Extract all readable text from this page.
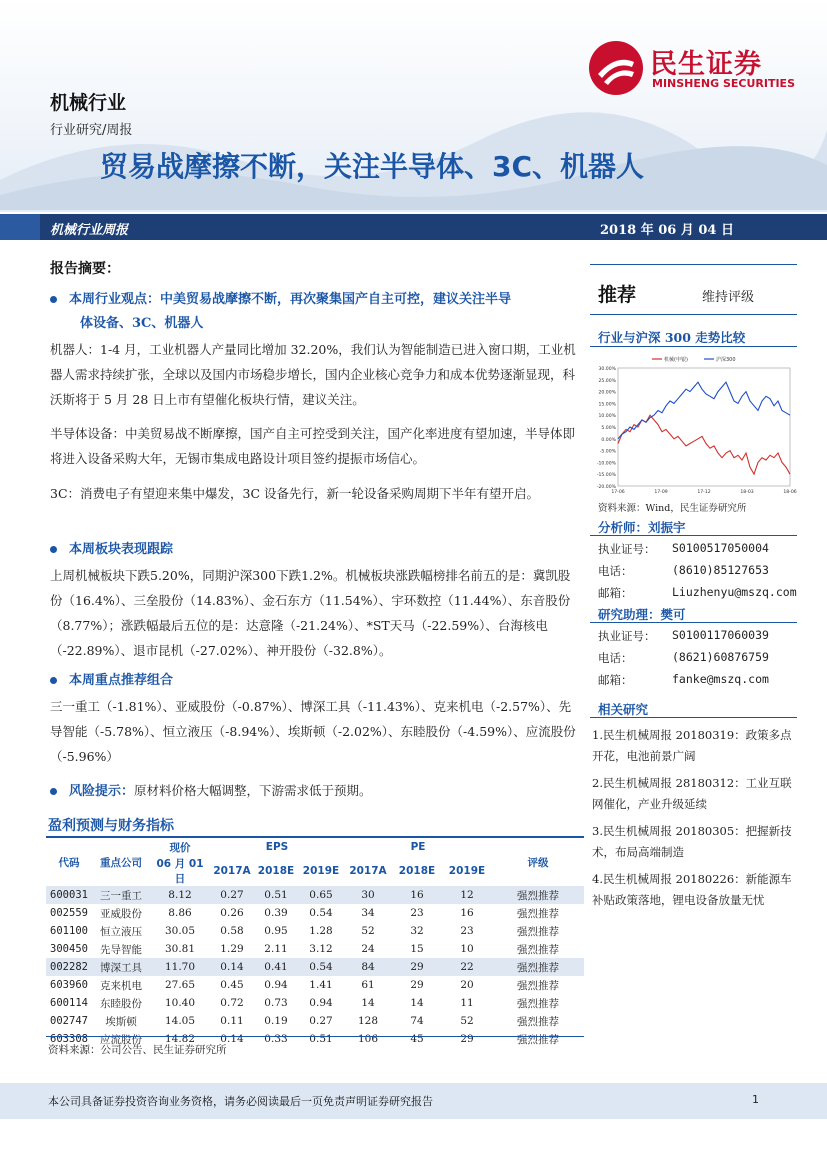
民生证券
MINSHENG SECURITIES
机械行业
行业研究/周报
贸易战摩擦不断，关注半导体、3C、机器人
机械行业周报	2018 年 06 月 04 日
报告摘要：
本周行业观点：中美贸易战摩擦不断，再次聚集国产自主可控，建议关注半导
体设备、3C、机器人
机器人：1-4 月，工业机器人产量同比增加 32.20%，我们认为智能制造已进入窗口期，工业机器人需求持续扩张，全球以及国内市场稳步增长，国内企业核心竞争力和成本优势逐渐显现，科沃斯将于 5 月 28 日上市有望催化板块行情，建议关注。
半导体设备：中美贸易战不断摩擦，国产自主可控受到关注，国产化率进度有望加速，半导体即将进入设备采购大年，无锡市集成电路设计项目签约提振市场信心。
3C：消费电子有望迎来集中爆发，3C 设备先行，新一轮设备采购周期下半年有望开启。
本周板块表现跟踪
上周机械板块下跌5.20%，同期沪深300下跌1.2%。机械板块涨跌幅榜排名前五的是：冀凯股份（16.4%）、三垒股份（14.83%）、金石东方（11.54%）、宇环数控（11.44%）、东音股份（8.77%）；涨跌幅最后五位的是：达意隆（-21.24%）、*ST天马（-22.59%）、台海核电（-22.89%）、退市昆机（-27.02%）、神开股份（-32.8%）。
本周重点推荐组合
三一重工（-1.81%）、亚威股份（-0.87%）、博深工具（-11.43%）、克来机电（-2.57%）、先导智能（-5.78%）、恒立液压（-8.94%）、埃斯顿（-2.02%）、东睦股份（-4.59%）、应流股份（-5.96%）
风险提示：原材料价格大幅调整，下游需求低于预期。
盈利预测与财务指标
代码	重点公司	现价	EPS			PE			评级
		06 月 01 日	2017A	2018E	2019E	2017A	2018E	2019E	
600031	三一重工	8.12	0.27	0.51	0.65	30	16	12	强烈推荐
002559	亚威股份	8.86	0.26	0.39	0.54	34	23	16	强烈推荐
601100	恒立液压	30.05	0.58	0.95	1.28	52	32	23	强烈推荐
300450	先导智能	30.81	1.29	2.11	3.12	24	15	10	强烈推荐
002282	博深工具	11.70	0.14	0.41	0.54	84	29	22	强烈推荐
603960	克来机电	27.65	0.45	0.94	1.41	61	29	20	强烈推荐
600114	东睦股份	10.40	0.72	0.73	0.94	14	14	11	强烈推荐
002747	埃斯顿	14.05	0.11	0.19	0.27	128	74	52	强烈推荐
603308	应流股份	14.82	0.14	0.33	0.51	106	45	29	强烈推荐
资料来源：公司公告、民生证券研究所
推荐	维持评级
行业与沪深 300 走势比较
30.00%
25.00%
20.00%
15.00%
10.00%
5.00%
0.00%
-5.00%
-10.00%
-15.00%
-20.00%
17-06	17-09	17-12	18-03	18-06
机械(申银)	沪深300
资料来源：Wind，民生证券研究所
分析师：刘振宇
执业证号： S0100517050004
电话：	(8610)85127653
邮箱：	Liuzhenyu@mszq.com
研究助理：樊可
执业证号： S0100117060039
电话：	(8621)60876759
邮箱：	fanke@mszq.com
相关研究
1.民生机械周报 20180319：政策多点开花，电池前景广阔
2.民生机械周报 28180312：工业互联网催化，产业升级延续
3.民生机械周报 20180305：把握新技术，布局高端制造
4.民生机械周报 20180226：新能源车补贴政策落地，锂电设备放量无忧
本公司具备证券投资咨询业务资格，请务必阅读最后一页免责声明证券研究报告	1
